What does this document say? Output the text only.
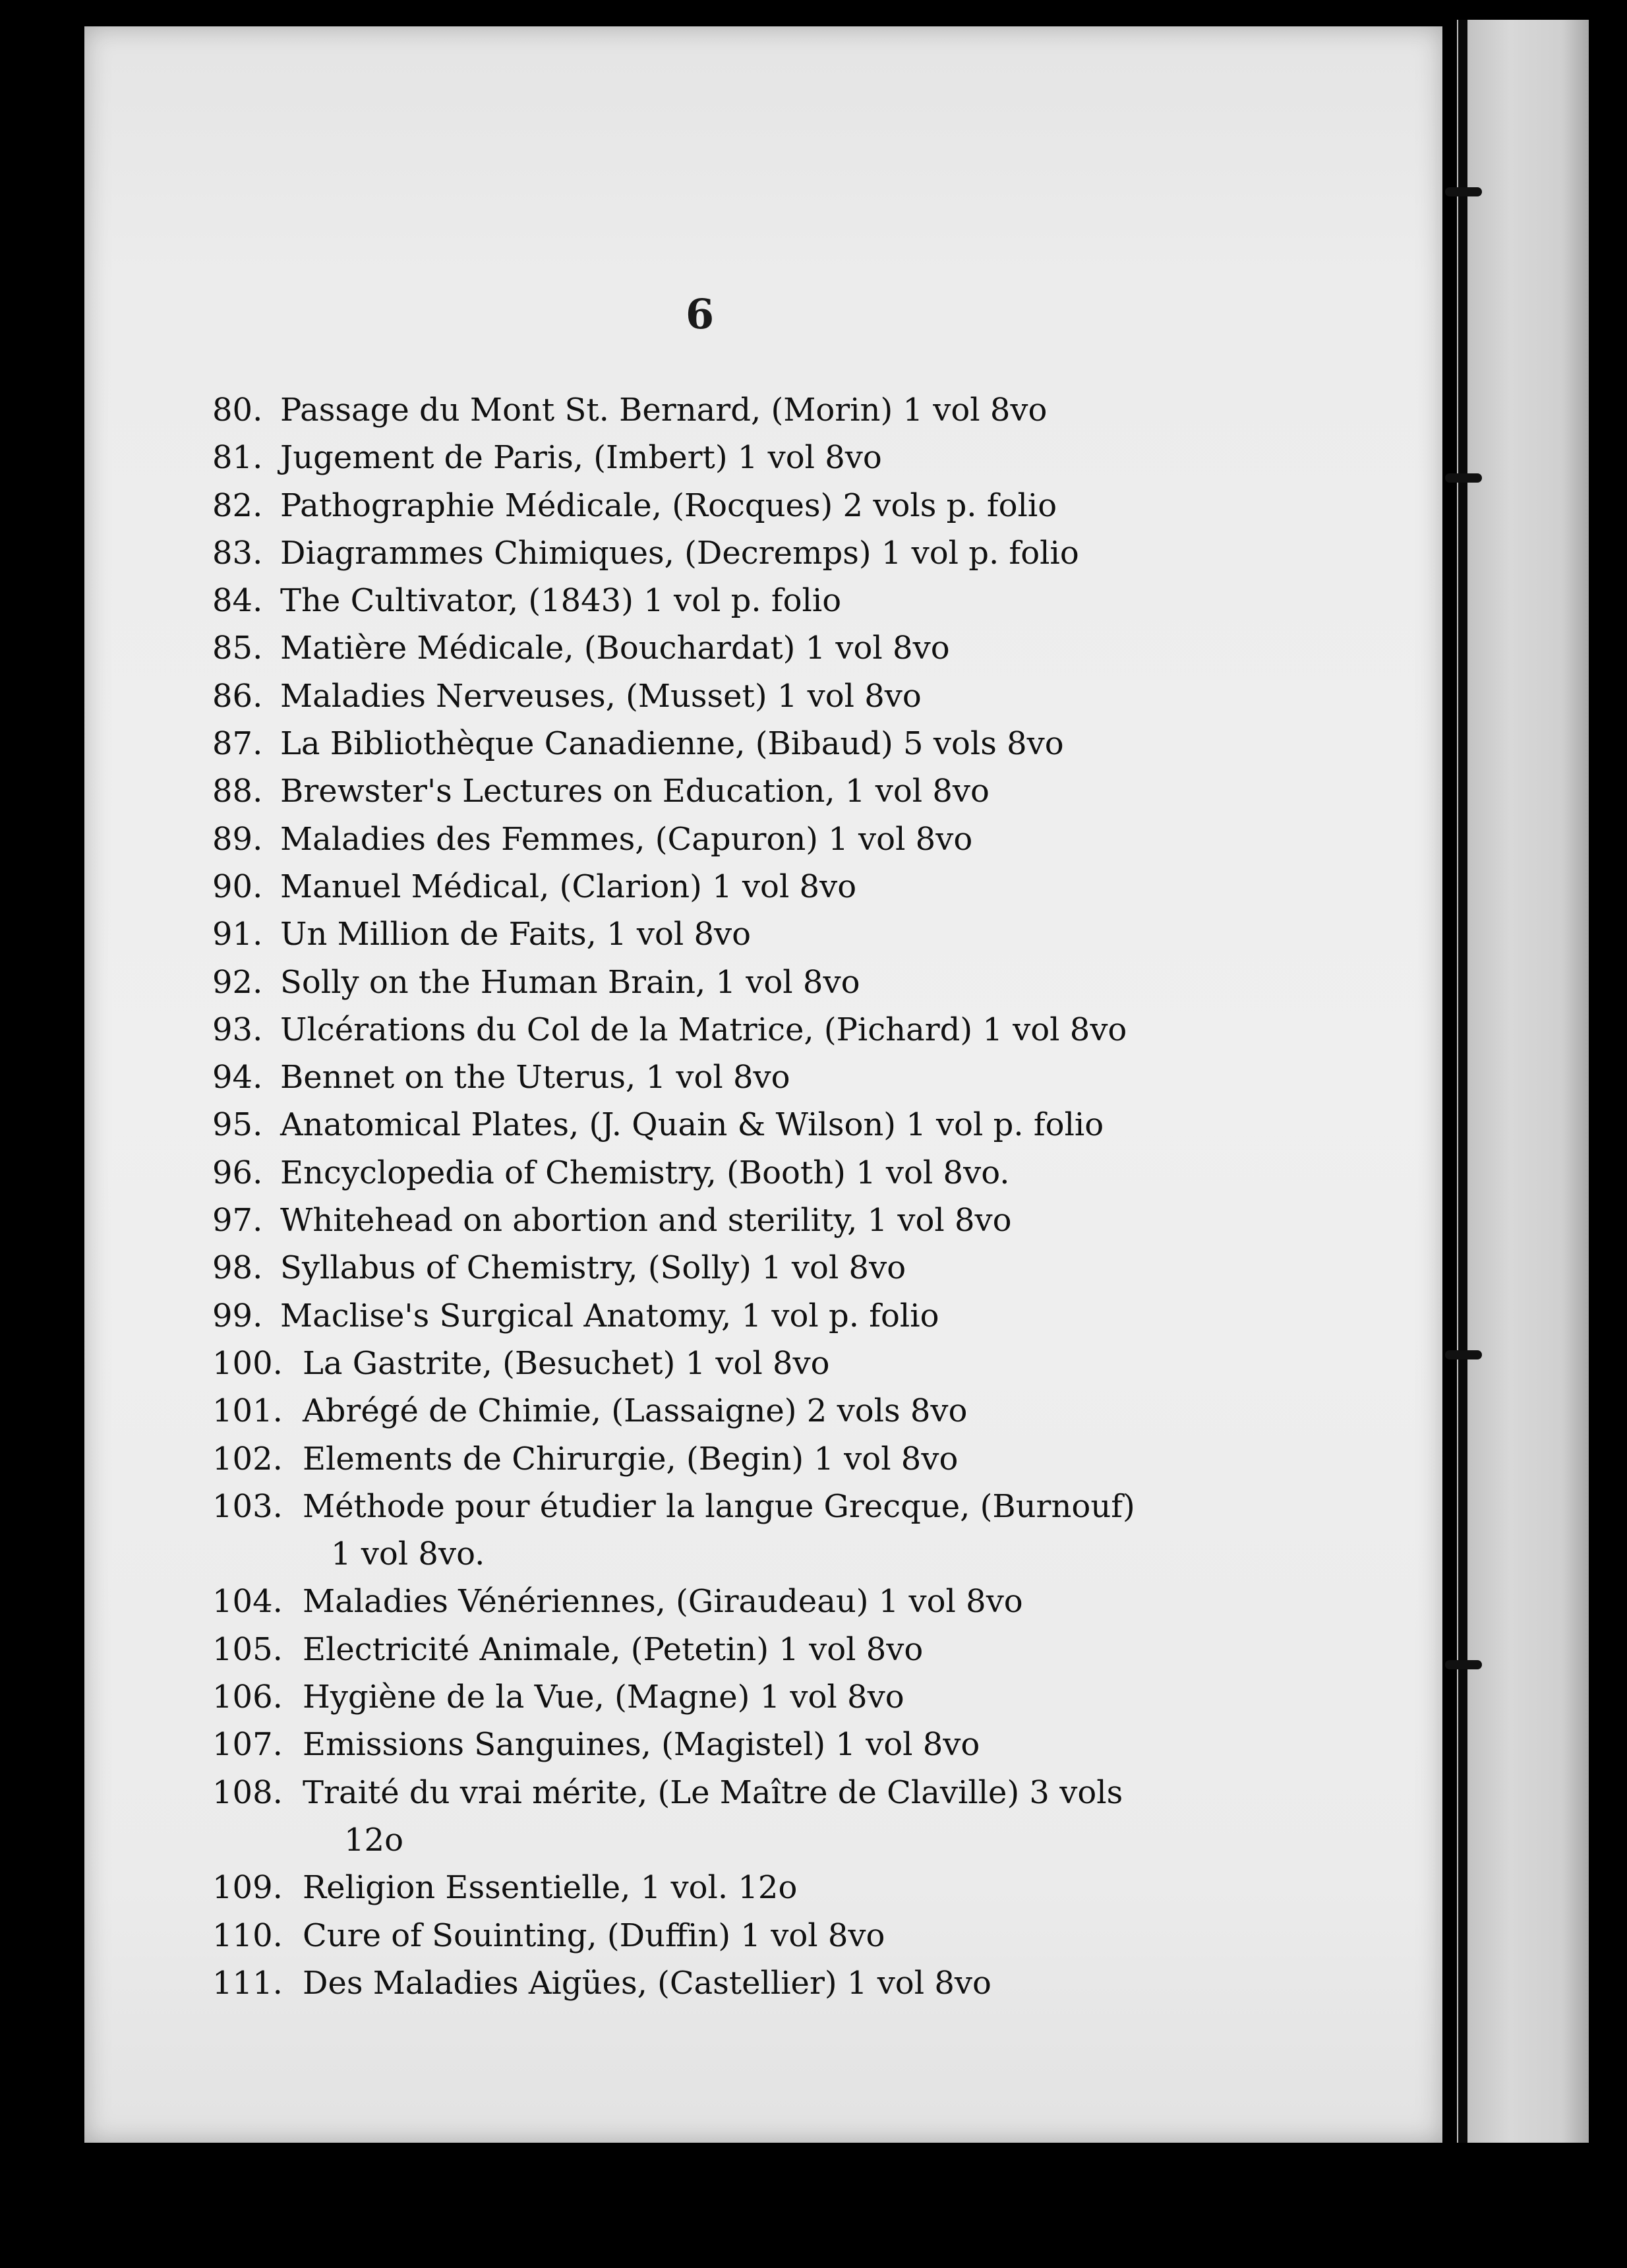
6
80. Passage du Mont St. Bernard, (Morin) 1 vol 8vo
81. Jugement de Paris, (Imbert) 1 vol 8vo
82. Pathographie Médicale, (Rocques) 2 vols p. folio
83. Diagrammes Chimiques, (Decremps) 1 vol p. folio
84. The Cultivator, (1843) 1 vol p. folio
85. Matière Médicale, (Bouchardat) 1 vol 8vo
86. Maladies Nerveuses, (Musset) 1 vol 8vo
87. La Bibliothèque Canadienne, (Bibaud) 5 vols 8vo
88. Brewster's Lectures on Education, 1 vol 8vo
89. Maladies des Femmes, (Capuron) 1 vol 8vo
90. Manuel Médical, (Clarion) 1 vol 8vo
91. Un Million de Faits, 1 vol 8vo
92. Solly on the Human Brain, 1 vol 8vo
93. Ulcérations du Col de la Matrice, (Pichard) 1 vol 8vo
94. Bennet on the Uterus, 1 vol 8vo
95. Anatomical Plates, (J. Quain & Wilson) 1 vol p. folio
96. Encyclopedia of Chemistry, (Booth) 1 vol 8vo.
97. Whitehead on abortion and sterility, 1 vol 8vo
98. Syllabus of Chemistry, (Solly) 1 vol 8vo
99. Maclise's Surgical Anatomy, 1 vol p. folio
100. La Gastrite, (Besuchet) 1 vol 8vo
101. Abrégé de Chimie, (Lassaigne) 2 vols 8vo
102. Elements de Chirurgie, (Begin) 1 vol 8vo
103. Méthode pour étudier la langue Grecque, (Burnouf)
1 vol 8vo.
104. Maladies Vénériennes, (Giraudeau) 1 vol 8vo
105. Electricité Animale, (Petetin) 1 vol 8vo
106. Hygiène de la Vue, (Magne) 1 vol 8vo
107. Emissions Sanguines, (Magistel) 1 vol 8vo
108. Traité du vrai mérite, (Le Maître de Claville) 3 vols
12o
109. Religion Essentielle, 1 vol. 12o
110. Cure of Souinting, (Duffin) 1 vol 8vo
111. Des Maladies Aigües, (Castellier) 1 vol 8vo
